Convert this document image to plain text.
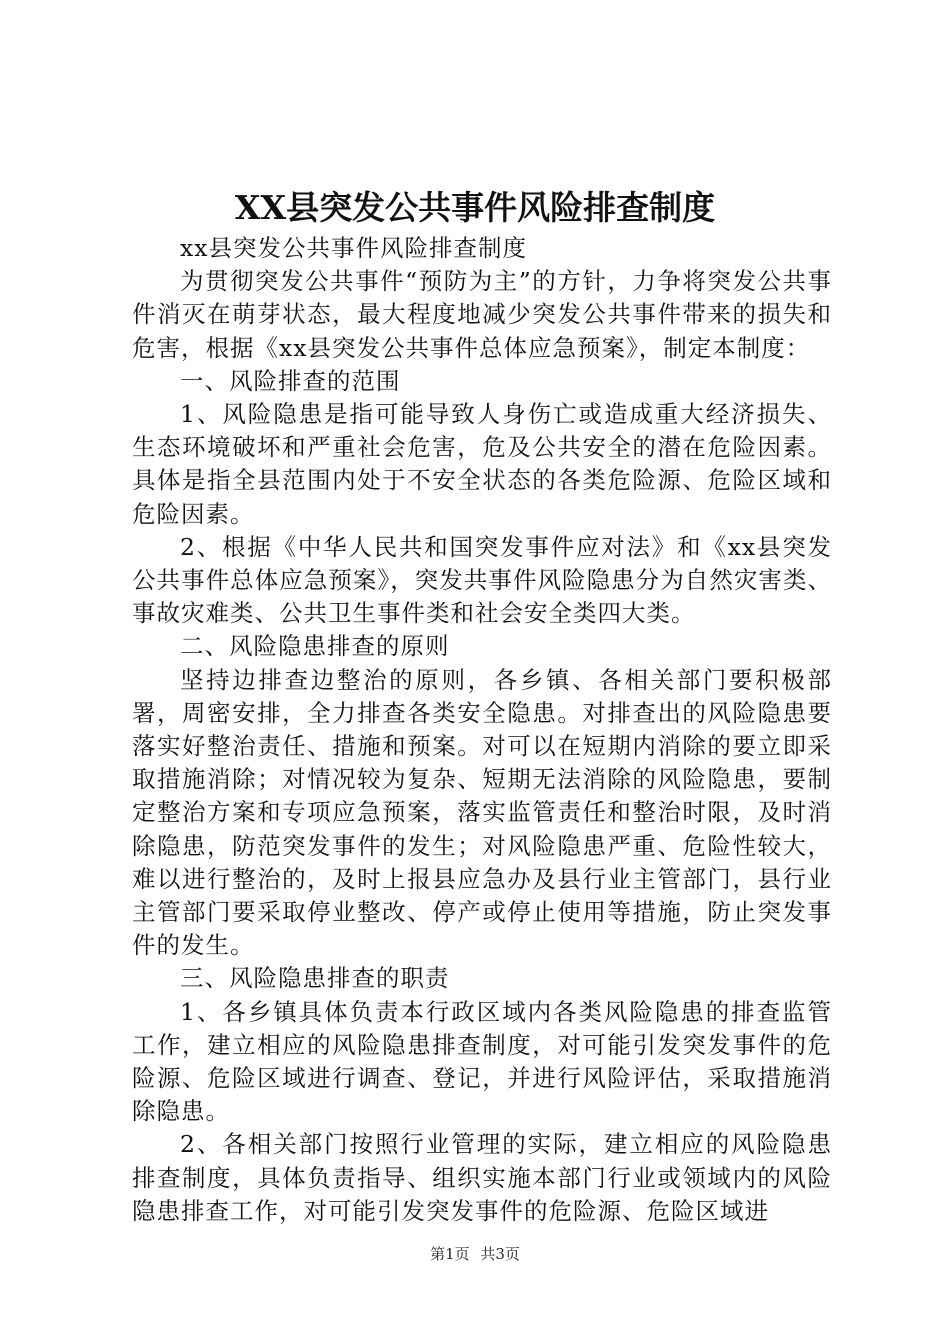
XX县突发公共事件风险排查制度

xx县突发公共事件风险排查制度

为贯彻突发公共事件“预防为主”的方针，力争将突发公共事件消灭在萌芽状态，最大程度地减少突发公共事件带来的损失和危害，根据《xx县突发公共事件总体应急预案》，制定本制度：

一、风险排查的范围

1、风险隐患是指可能导致人身伤亡或造成重大经济损失、生态环境破坏和严重社会危害，危及公共安全的潜在危险因素。具体是指全县范围内处于不安全状态的各类危险源、危险区域和危险因素。

2、根据《中华人民共和国突发事件应对法》和《xx县突发公共事件总体应急预案》，突发共事件风险隐患分为自然灾害类、事故灾难类、公共卫生事件类和社会安全类四大类。

二、风险隐患排查的原则

坚持边排查边整治的原则，各乡镇、各相关部门要积极部署，周密安排，全力排查各类安全隐患。对排查出的风险隐患要落实好整治责任、措施和预案。对可以在短期内消除的要立即采取措施消除；对情况较为复杂、短期无法消除的风险隐患，要制定整治方案和专项应急预案，落实监管责任和整治时限，及时消除隐患，防范突发事件的发生；对风险隐患严重、危险性较大，难以进行整治的，及时上报县应急办及县行业主管部门，县行业主管部门要采取停业整改、停产或停止使用等措施，防止突发事件的发生。

三、风险隐患排查的职责

1、各乡镇具体负责本行政区域内各类风险隐患的排查监管工作，建立相应的风险隐患排查制度，对可能引发突发事件的危险源、危险区域进行调查、登记，并进行风险评估，采取措施消除隐患。

2、各相关部门按照行业管理的实际，建立相应的风险隐患排查制度，具体负责指导、组织实施本部门行业或领域内的风险隐患排查工作，对可能引发突发事件的危险源、危险区域进

第1页 共3页
